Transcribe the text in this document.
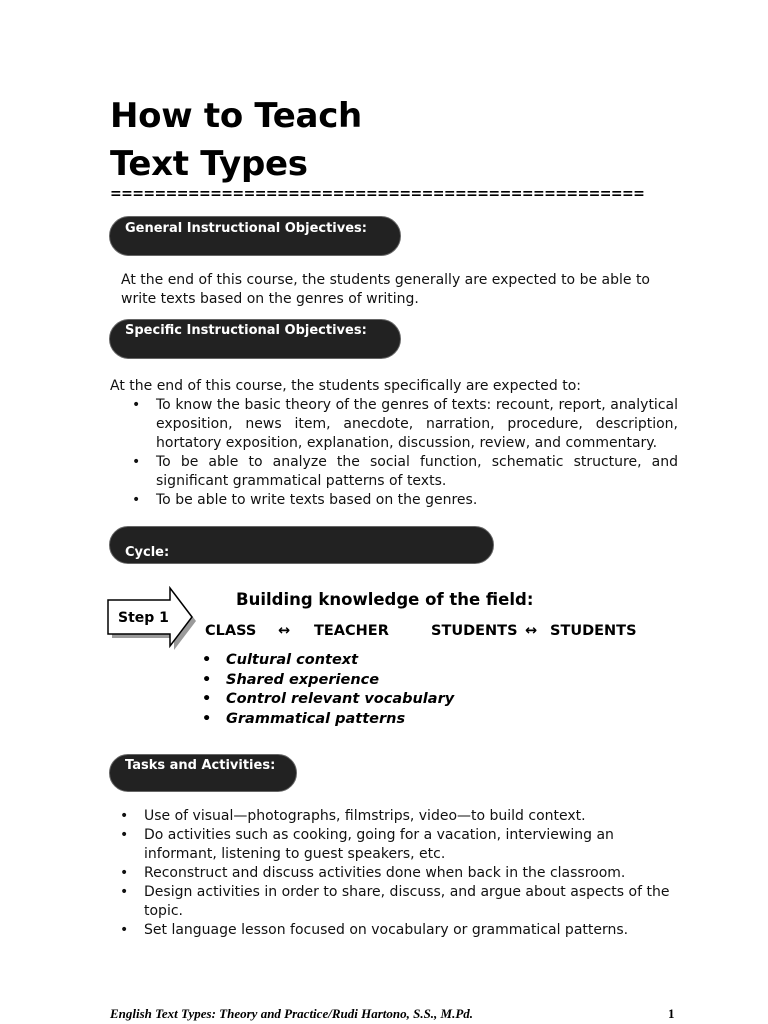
How to Teach
Text Types
================================================
General Instructional Objectives:
At the end of this course, the students generally are expected to be able to write texts based on the genres of writing.
Specific Instructional Objectives:
At the end of this course, the students specifically are expected to:
• To know the basic theory of the genres of texts: recount, report, analytical exposition, news item, anecdote, narration, procedure, description, hortatory exposition, explanation, discussion, review, and commentary.
• To be able to analyze the social function, schematic structure, and significant grammatical patterns of texts.
• To be able to write texts based on the genres.
Cycle:
Step 1
Building knowledge of the field:
CLASS ↔ TEACHER	STUDENTS ↔ STUDENTS
• Cultural context
• Shared experience
• Control relevant vocabulary
• Grammatical patterns
Tasks and Activities:
• Use of visual—photographs, filmstrips, video—to build context.
• Do activities such as cooking, going for a vacation, interviewing an informant, listening to guest speakers, etc.
• Reconstruct and discuss activities done when back in the classroom.
• Design activities in order to share, discuss, and argue about aspects of the topic.
• Set language lesson focused on vocabulary or grammatical patterns.
English Text Types: Theory and Practice/Rudi Hartono, S.S., M.Pd.	1
